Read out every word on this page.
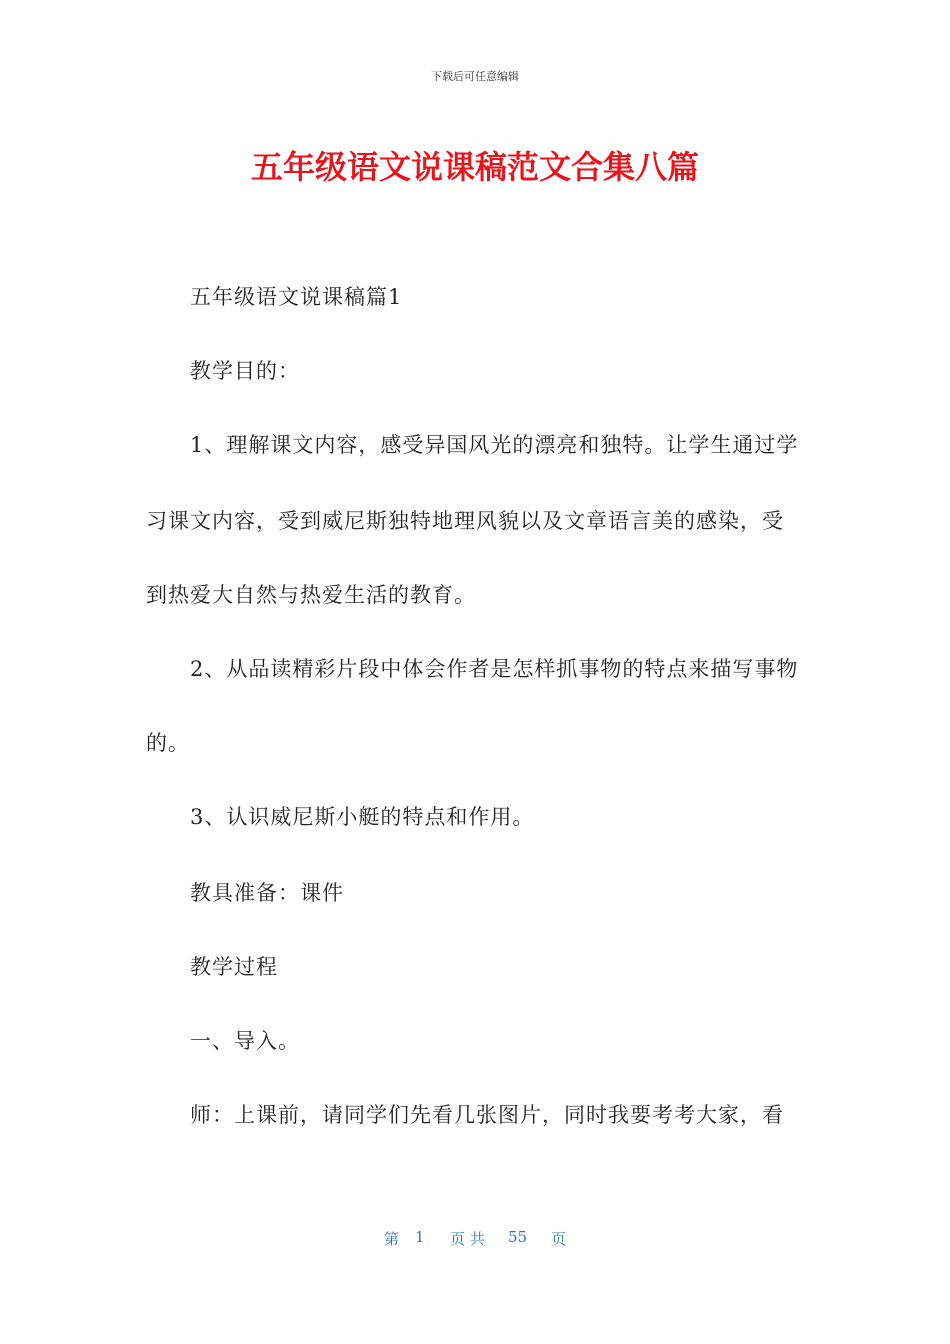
下载后可任意编辑
五年级语文说课稿范文合集八篇
五年级语文说课稿篇1
教学目的：
1、理解课文内容，感受异国风光的漂亮和独特。让学生通过学
习课文内容，受到威尼斯独特地理风貌以及文章语言美的感染，受
到热爱大自然与热爱生活的教育。
2、从品读精彩片段中体会作者是怎样抓事物的特点来描写事物
的。
3、认识威尼斯小艇的特点和作用。
教具准备：课件
教学过程
一、导入。
师：上课前，请同学们先看几张图片，同时我要考考大家，看
第 1 页 共 55 页
